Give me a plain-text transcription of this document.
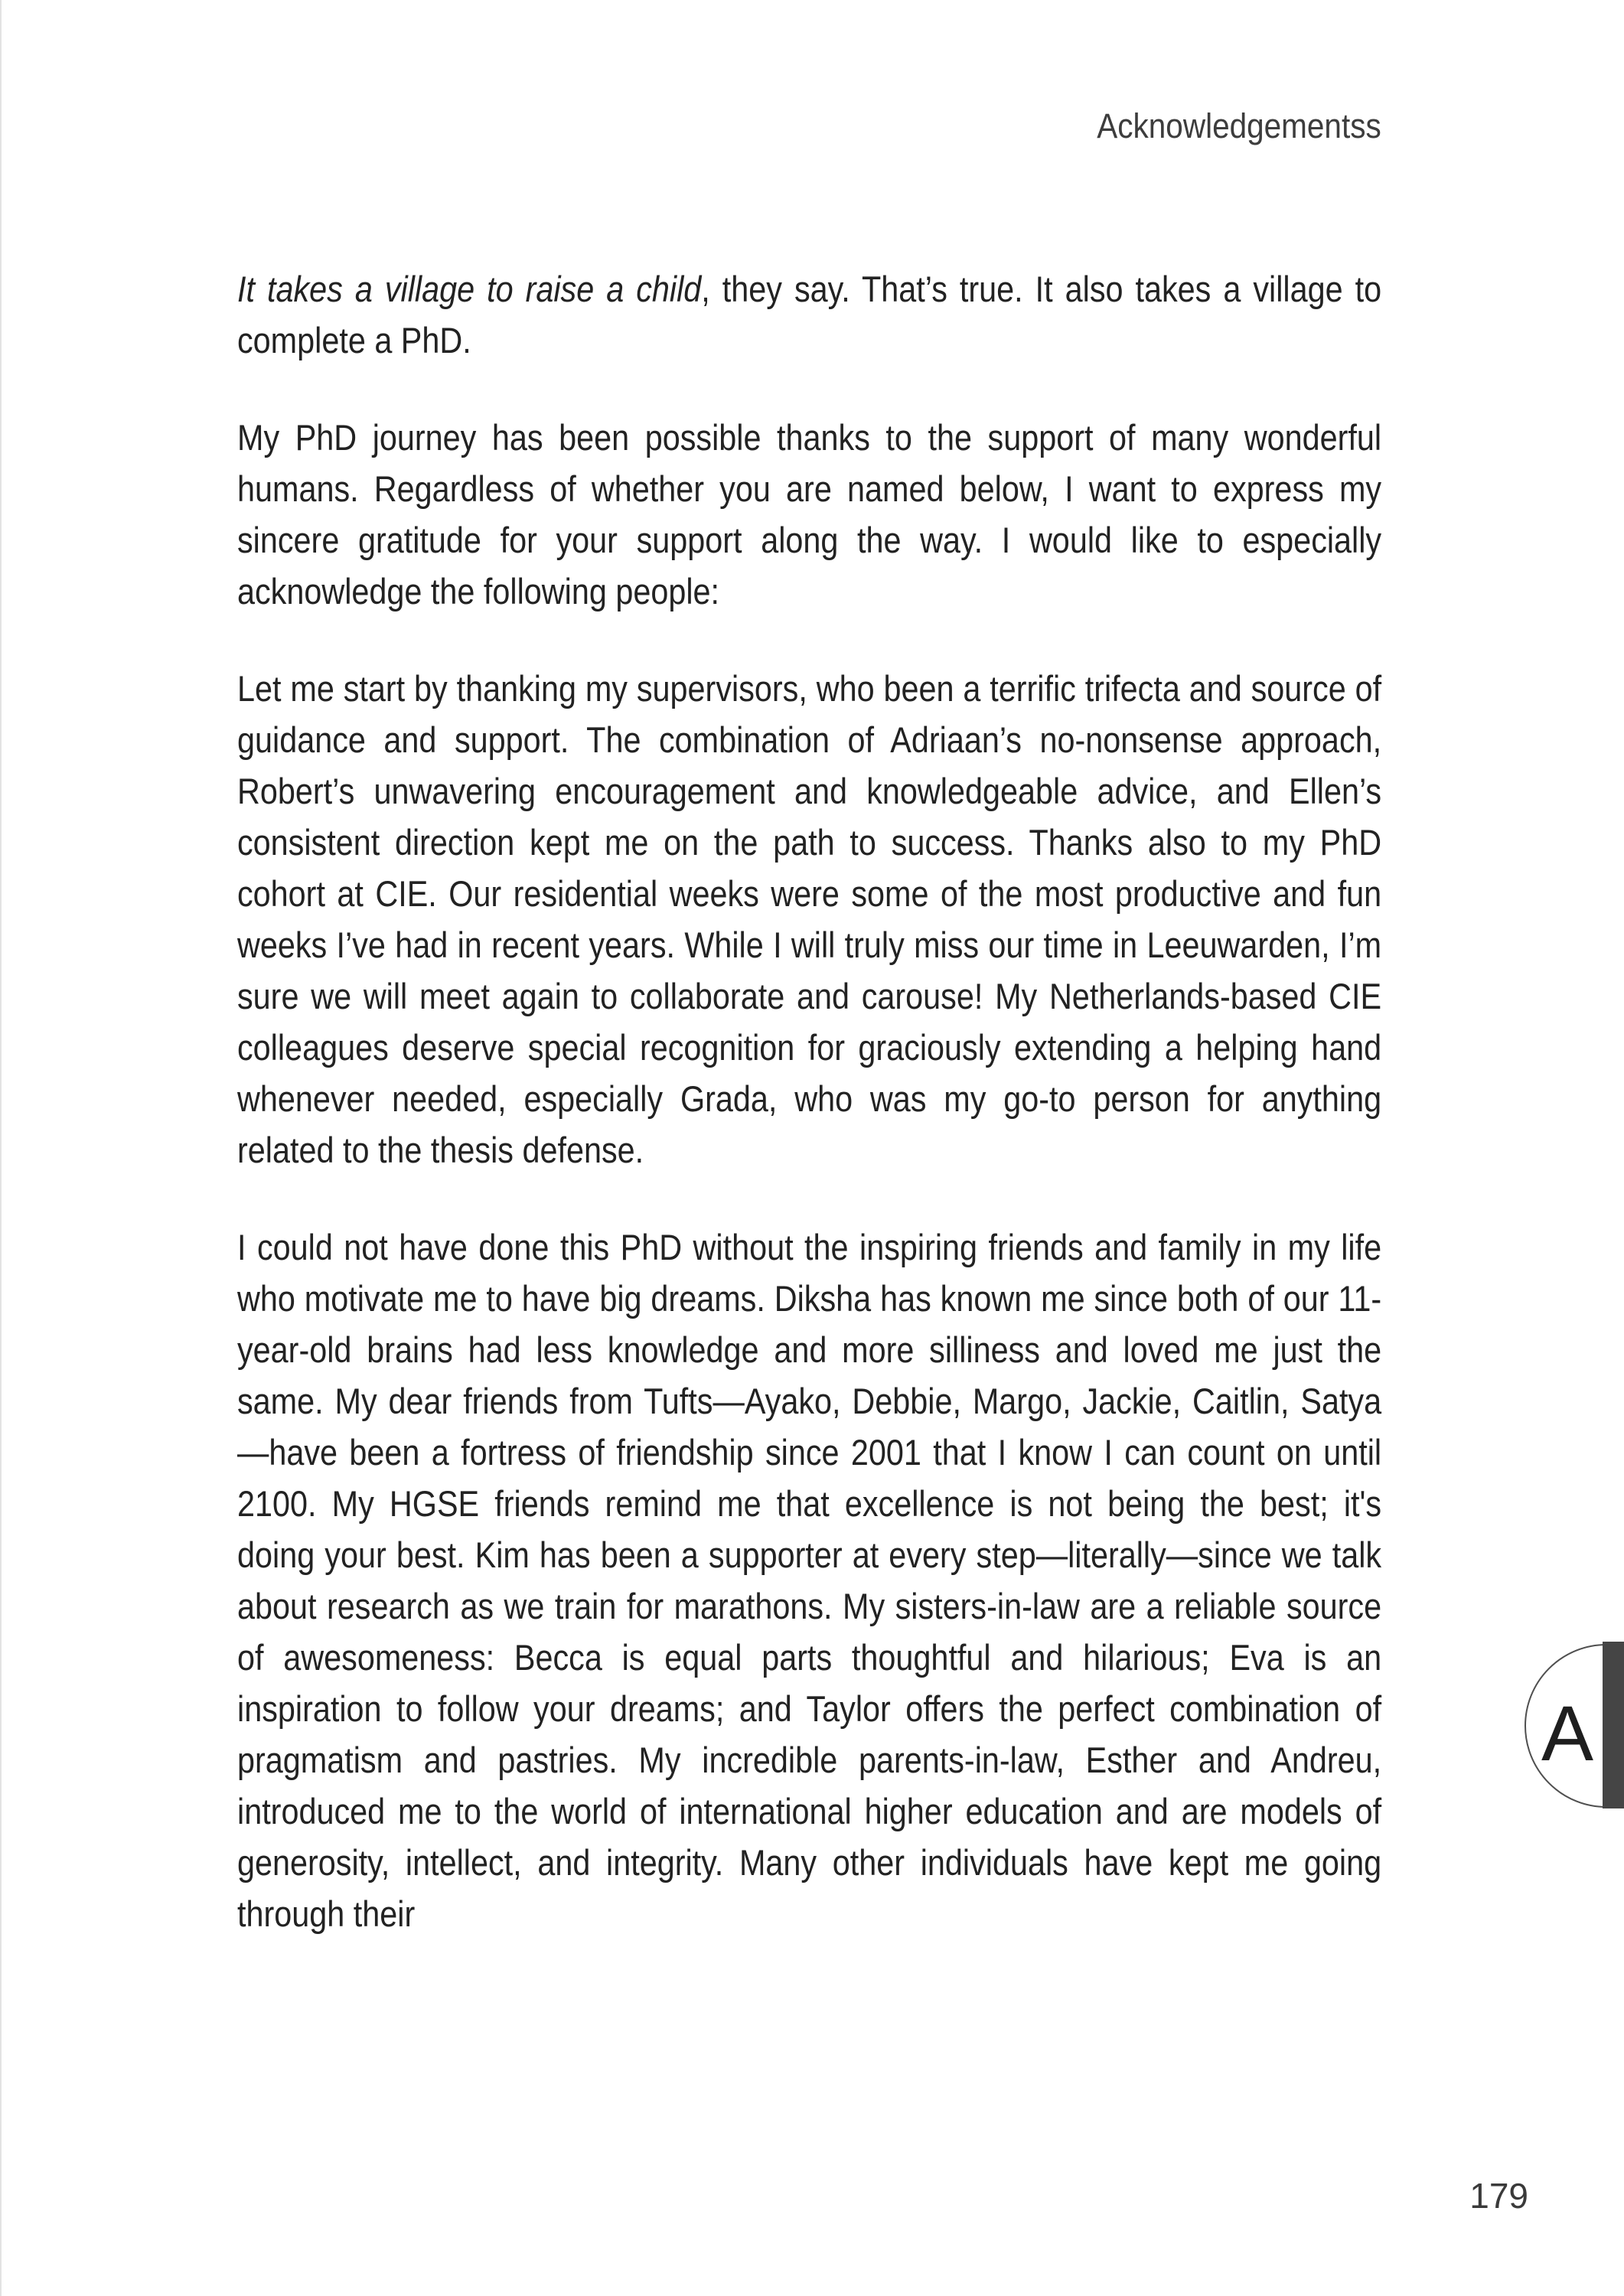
Acknowledgementss

It takes a village to raise a child, they say. That’s true. It also takes a village to complete a PhD.

My PhD journey has been possible thanks to the support of many wonderful humans. Regardless of whether you are named below, I want to express my sincere gratitude for your support along the way. I would like to especially acknowledge the following people:

Let me start by thanking my supervisors, who been a terrific trifecta and source of guidance and support. The combination of Adriaan’s no-nonsense approach, Robert’s unwavering encouragement and knowledgeable advice, and Ellen’s consistent direction kept me on the path to success. Thanks also to my PhD cohort at CIE. Our residential weeks were some of the most productive and fun weeks I’ve had in recent years. While I will truly miss our time in Leeuwarden, I’m sure we will meet again to collaborate and carouse! My Netherlands-based CIE colleagues deserve special recognition for graciously extending a helping hand whenever needed, especially Grada, who was my go-to person for anything related to the thesis defense.

I could not have done this PhD without the inspiring friends and family in my life who motivate me to have big dreams. Diksha has known me since both of our 11-year-old brains had less knowledge and more silliness and loved me just the same. My dear friends from Tufts—Ayako, Debbie, Margo, Jackie, Caitlin, Satya—have been a fortress of friendship since 2001 that I know I can count on until 2100. My HGSE friends remind me that excellence is not being the best; it's doing your best. Kim has been a supporter at every step—literally—since we talk about research as we train for marathons. My sisters-in-law are a reliable source of awesomeness: Becca is equal parts thoughtful and hilarious; Eva is an inspiration to follow your dreams; and Taylor offers the perfect combination of pragmatism and pastries. My incredible parents-in-law, Esther and Andreu, introduced me to the world of international higher education and are models of generosity, intellect, and integrity. Many other individuals have kept me going through their

A
179
